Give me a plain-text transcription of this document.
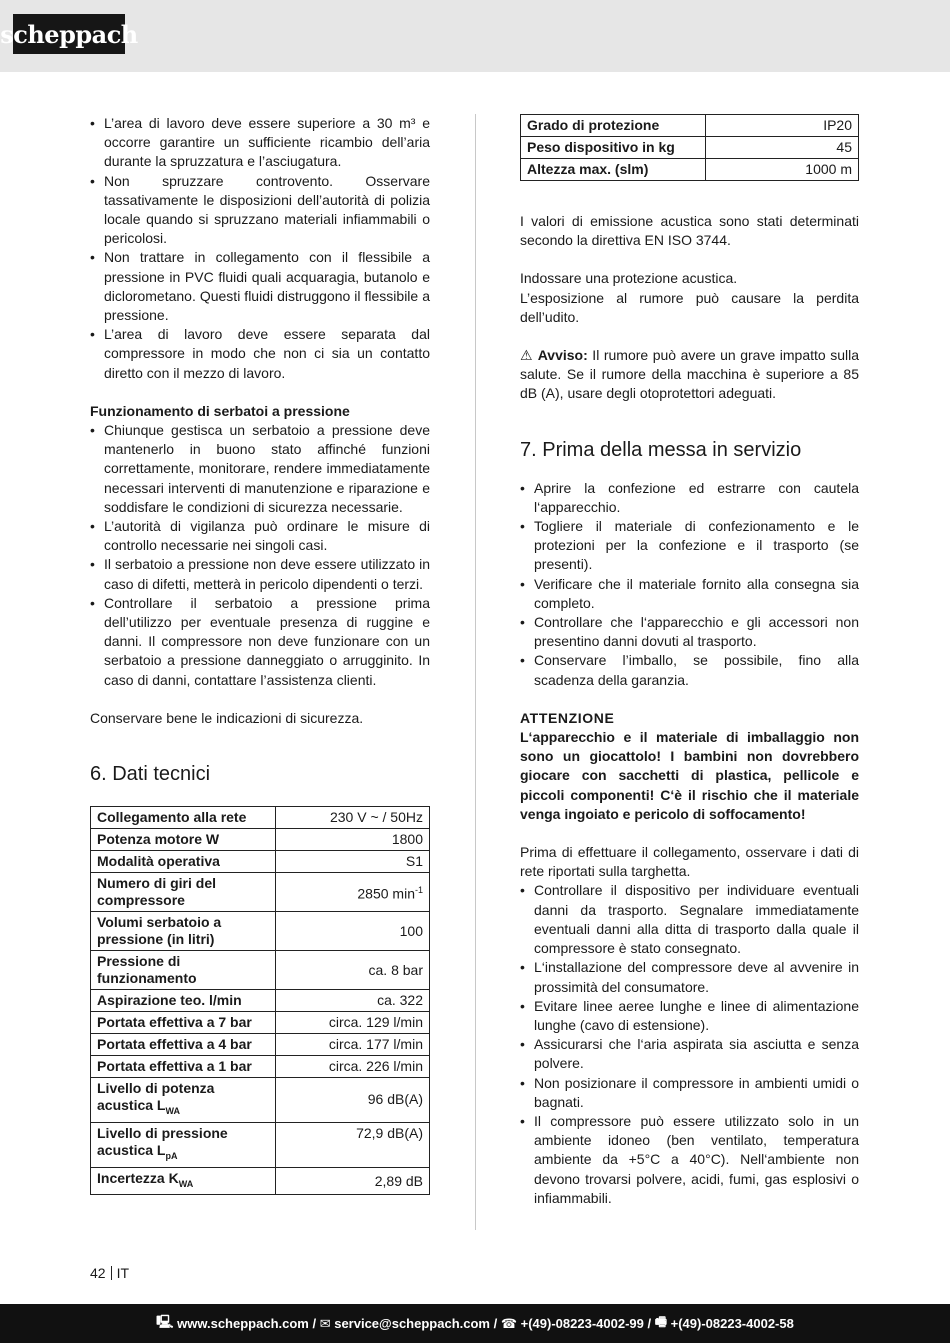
scheppach
• L’area di lavoro deve essere superiore a 30 m³ e occorre garantire un sufficiente ricambio dell’aria durante la spruzzatura e l’asciugatura.
• Non spruzzare controvento. Osservare tassativamente le disposizioni dell’autorità di polizia locale quando si spruzzano materiali infiammabili o pericolosi.
• Non trattare in collegamento con il flessibile a pressione in PVC fluidi quali acquaragia, butanolo e diclorometano. Questi fluidi distruggono il flessibile a pressione.
• L’area di lavoro deve essere separata dal compressore in modo che non ci sia un contatto diretto con il mezzo di lavoro.
Funzionamento di serbatoi a pressione
• Chiunque gestisca un serbatoio a pressione deve mantenerlo in buono stato affinché funzioni correttamente, monitorare, rendere immediatamente necessari interventi di manutenzione e riparazione e soddisfare le condizioni di sicurezza necessarie.
• L’autorità di vigilanza può ordinare le misure di controllo necessarie nei singoli casi.
• Il serbatoio a pressione non deve essere utilizzato in caso di difetti, metterà in pericolo dipendenti o terzi.
• Controllare il serbatoio a pressione prima dell’utilizzo per eventuale presenza di ruggine e danni. Il compressore non deve funzionare con un serbatoio a pressione danneggiato o arrugginito. In caso di danni, contattare l’assistenza clienti.

Conservare bene le indicazioni di sicurezza.

6. Dati tecnici
Collegamento alla rete	230 V ~ / 50Hz
Potenza motore W	1800
Modalità operativa	S1
Numero di giri del compressore	2850 $\min^{-1}$
Volumi serbatoio a pressione (in litri)	100
Pressione di funzionamento	ca. 8 bar
Aspirazione teo. l/min	ca. 322
Portata effettiva a 7 bar	circa. 129 l/min
Portata effettiva a 4 bar	circa. 177 l/min
Portata effettiva a 1 bar	circa. 226 l/min
Livello di potenza acustica $L_{WA}$	96 dB(A)
Livello di pressione acustica $L_{pA}$	72,9 dB(A)
Incertezza $K_{WA}$	2,89 dB
Grado di protezione	IP20
Peso dispositivo in kg	45
Altezza max. (slm)	1000 m

I valori di emissione acustica sono stati determinati secondo la direttiva EN ISO 3744.

Indossare una protezione acustica.

L’esposizione al rumore può causare la perdita dell’udito.

⚠ Avviso: Il rumore può avere un grave impatto sulla salute. Se il rumore della macchina è superiore a 85 dB (A), usare degli otoprotettori adeguati.

7. Prima della messa in servizio
• Aprire la confezione ed estrarre con cautela l‘apparecchio.
• Togliere il materiale di confezionamento e le protezioni per la confezione e il trasporto (se presenti).
• Verificare che il materiale fornito alla consegna sia completo.
• Controllare che l‘apparecchio e gli accessori non presentino danni dovuti al trasporto.
• Conservare l’imballo, se possibile, fino alla scadenza della garanzia.
ATTENZIONE

L‘apparecchio e il materiale di imballaggio non sono un giocattolo! I bambini non dovrebbero giocare con sacchetti di plastica, pellicole e piccoli componenti! C‘è il rischio che il materiale venga ingoiato e pericolo di soffocamento!

Prima di effettuare il collegamento, osservare i dati di rete riportati sulla targhetta.

• Controllare il dispositivo per individuare eventuali danni da trasporto. Segnalare immediatamente eventuali danni alla ditta di trasporto dalla quale il compressore è stato consegnato.
• L‘installazione del compressore deve al avvenire in prossimità del consumatore.
• Evitare linee aeree lunghe e linee di alimentazione lunghe (cavo di estensione).
• Assicurarsi che l‘aria aspirata sia asciutta e senza polvere.
• Non posizionare il compressore in ambienti umidi o bagnati.
• Il compressore può essere utilizzato solo in un ambiente idoneo (ben ventilato, temperatura ambiente da +5°C a 40°C). Nell‘ambiente non devono trovarsi polvere, acidi, fumi, gas esplosivi o infiammabili.
42 IT
🖳 www.scheppach.com / ✉ service@scheppach.com / ☎ +(49)-08223-4002-99 / 🖷 +(49)-08223-4002-58
